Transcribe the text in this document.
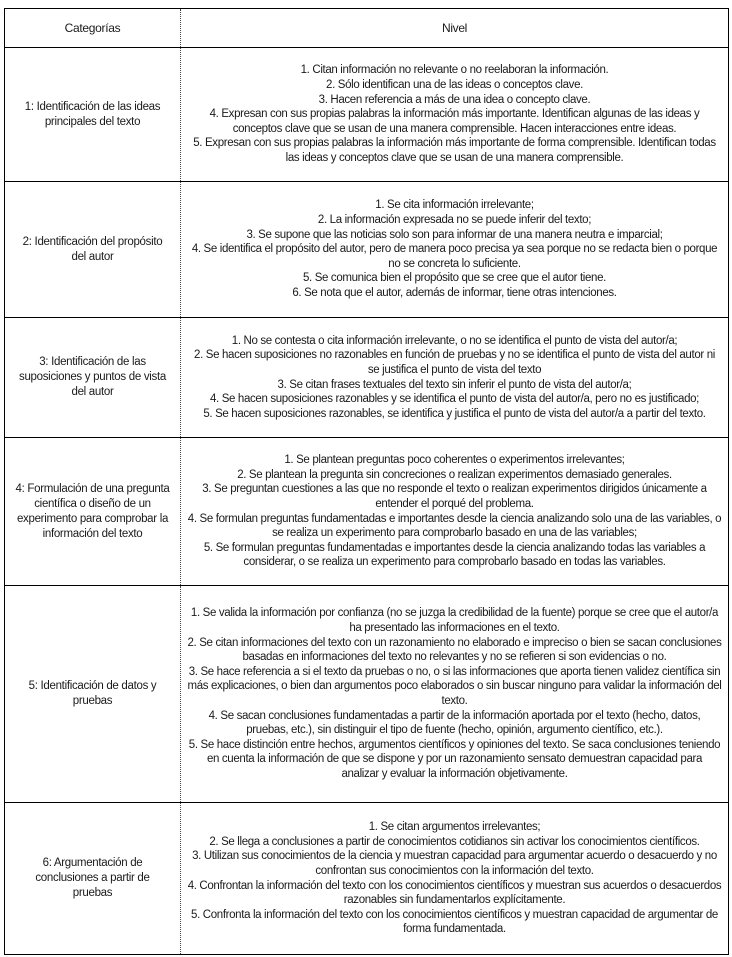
Categorías	Nivel
1: Identificación de las ideas principales del texto
1. Citan información no relevante o no reelaboran la información.
2. Sólo identifican una de las ideas o conceptos clave.
3. Hacen referencia a más de una idea o concepto clave.
4. Expresan con sus propias palabras la información más importante. Identifican algunas de las ideas y conceptos clave que se usan de una manera comprensible. Hacen interacciones entre ideas.
5. Expresan con sus propias palabras la información más importante de forma comprensible. Identifican todas las ideas y conceptos clave que se usan de una manera comprensible.
2: Identificación del propósito del autor
1. Se cita información irrelevante;
2. La información expresada no se puede inferir del texto;
3. Se supone que las noticias solo son para informar de una manera neutra e imparcial;
4. Se identifica el propósito del autor, pero de manera poco precisa ya sea porque no se redacta bien o porque no se concreta lo suficiente.
5. Se comunica bien el propósito que se cree que el autor tiene.
6. Se nota que el autor, además de informar, tiene otras intenciones.
3: Identificación de las suposiciones y puntos de vista del autor
1. No se contesta o cita información irrelevante, o no se identifica el punto de vista del autor/a;
2. Se hacen suposiciones no razonables en función de pruebas y no se identifica el punto de vista del autor ni se justifica el punto de vista del texto
3. Se citan frases textuales del texto sin inferir el punto de vista del autor/a;
4. Se hacen suposiciones razonables y se identifica el punto de vista del autor/a, pero no es justificado;
5. Se hacen suposiciones razonables, se identifica y justifica el punto de vista del autor/a a partir del texto.
4: Formulación de una pregunta científica o diseño de un experimento para comprobar la información del texto
1. Se plantean preguntas poco coherentes o experimentos irrelevantes;
2. Se plantean la pregunta sin concreciones o realizan experimentos demasiado generales.
3. Se preguntan cuestiones a las que no responde el texto o realizan experimentos dirigidos únicamente a entender el porqué del problema.
4. Se formulan preguntas fundamentadas e importantes desde la ciencia analizando solo una de las variables, o se realiza un experimento para comprobarlo basado en una de las variables;
5. Se formulan preguntas fundamentadas e importantes desde la ciencia analizando todas las variables a considerar, o se realiza un experimento para comprobarlo basado en todas las variables.
5: Identificación de datos y pruebas
1. Se valida la información por confianza (no se juzga la credibilidad de la fuente) porque se cree que el autor/a ha presentado las informaciones en el texto.
2. Se citan informaciones del texto con un razonamiento no elaborado e impreciso o bien se sacan conclusiones basadas en informaciones del texto no relevantes y no se refieren si son evidencias o no.
3. Se hace referencia a si el texto da pruebas o no, o si las informaciones que aporta tienen validez científica sin más explicaciones, o bien dan argumentos poco elaborados o sin buscar ninguno para validar la información del texto.
4. Se sacan conclusiones fundamentadas a partir de la información aportada por el texto (hecho, datos, pruebas, etc.), sin distinguir el tipo de fuente (hecho, opinión, argumento científico, etc.).
5. Se hace distinción entre hechos, argumentos científicos y opiniones del texto. Se saca conclusiones teniendo en cuenta la información de que se dispone y por un razonamiento sensato demuestran capacidad para analizar y evaluar la información objetivamente.
6: Argumentación de conclusiones a partir de pruebas
1. Se citan argumentos irrelevantes;
2. Se llega a conclusiones a partir de conocimientos cotidianos sin activar los conocimientos científicos.
3. Utilizan sus conocimientos de la ciencia y muestran capacidad para argumentar acuerdo o desacuerdo y no confrontan sus conocimientos con la información del texto.
4. Confrontan la información del texto con los conocimientos científicos y muestran sus acuerdos o desacuerdos razonables sin fundamentarlos explícitamente.
5. Confronta la información del texto con los conocimientos científicos y muestran capacidad de argumentar de forma fundamentada.
